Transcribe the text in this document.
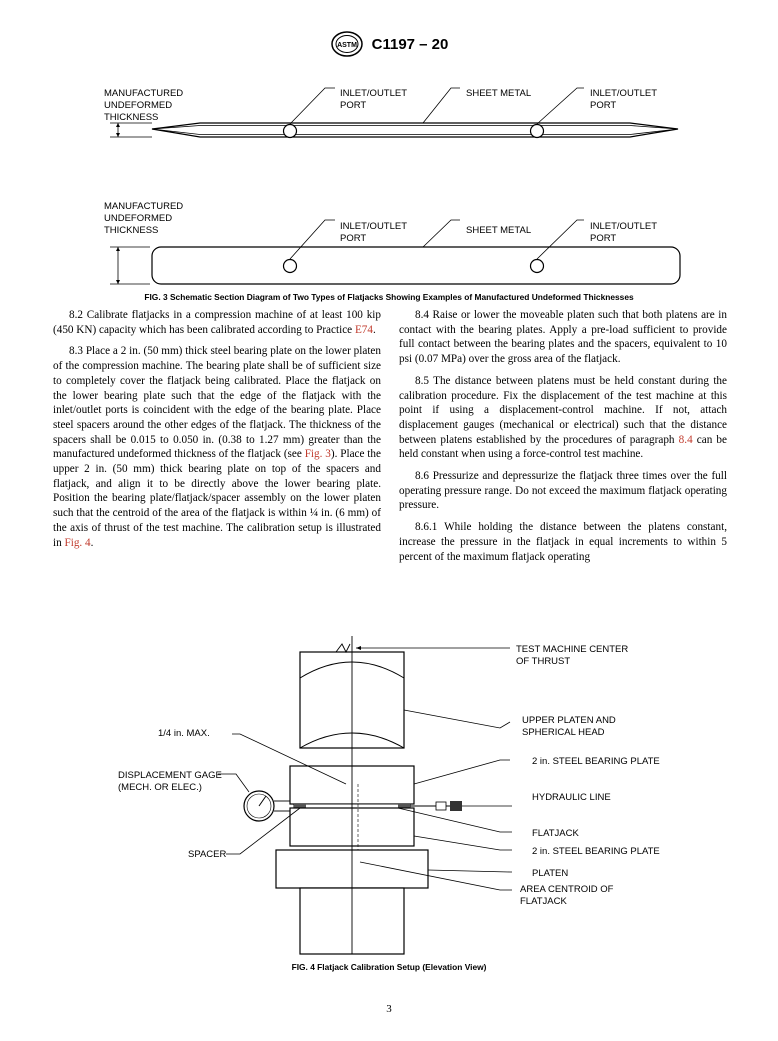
ASTM C1197 – 20
MANUFACTURED
UNDEFORMED
THICKNESS
INLET/OUTLET
PORT
SHEET METAL	INLET/OUTLET
PORT
MANUFACTURED
UNDEFORMED
THICKNESS	INLET/OUTLET
PORT
SHEET METAL	INLET/OUTLET
PORT
FIG. 3 Schematic Section Diagram of Two Types of Flatjacks Showing Examples of Manufactured Undeformed Thicknesses

8.2 Calibrate flatjacks in a compression machine of at least 100 kip (450 KN) capacity which has been calibrated according to Practice E74.

8.3 Place a 2 in. (50 mm) thick steel bearing plate on the lower platen of the compression machine. The bearing plate shall be of sufficient size to completely cover the flatjack being calibrated. Place the flatjack on the lower bearing plate such that the edge of the flatjack with the inlet/outlet ports is coincident with the edge of the bearing plate. Place steel spacers around the other edges of the flatjack. The thickness of the spacers shall be 0.015 to 0.050 in. (0.38 to 1.27 mm) greater than the manufactured undeformed thickness of the flatjack (see Fig. 3). Place the upper 2 in. (50 mm) thick bearing plate on top of the spacers and flatjack, and align it to be directly above the lower bearing plate. Position the bearing plate/flatjack/spacer assembly on the lower platen such that the centroid of the area of the flatjack is within ¼ in. (6 mm) of the axis of thrust of the test machine. The calibration setup is illustrated in Fig. 4.

8.4 Raise or lower the moveable platen such that both platens are in contact with the bearing plates. Apply a pre-load sufficient to provide full contact between the bearing plates and the spacers, equivalent to 10 psi (0.07 MPa) over the gross area of the flatjack.

8.5 The distance between platens must be held constant during the calibration procedure. Fix the displacement of the test machine at this point if using a displacement-control machine. If not, attach displacement gauges (mechanical or electrical) such that the distance between platens established by the procedures of paragraph 8.4 can be held constant when using a force-control test machine.

8.6 Pressurize and depressurize the flatjack three times over the full operating pressure range. Do not exceed the maximum flatjack operating pressure.

8.6.1 While holding the distance between the platens constant, increase the pressure in the flatjack in equal increments to within 5 percent of the maximum flatjack operating

TEST MACHINE CENTER
OF THRUST
UPPER PLATEN AND
SPHERICAL HEAD
2 in. STEEL BEARING PLATE
HYDRAULIC LINE
FLATJACK
2 in. STEEL BEARING PLATE
PLATEN
AREA CENTROID OF
FLATJACK
1/4 in. MAX.
DISPLACEMENT GAGE
(MECH. OR ELEC.)
SPACER
FIG. 4 Flatjack Calibration Setup (Elevation View)
3
